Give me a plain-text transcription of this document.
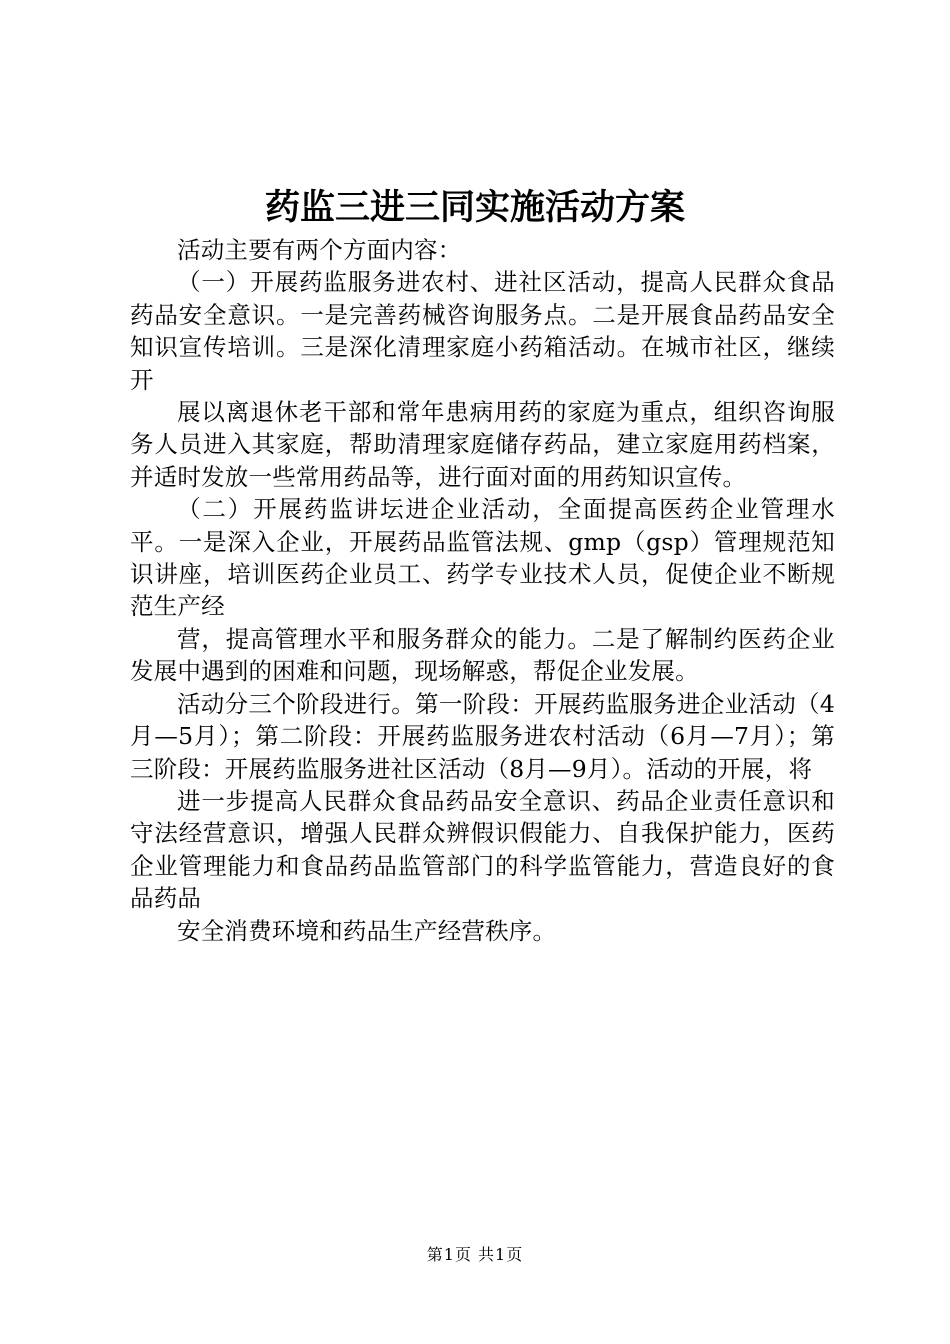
药监三进三同实施活动方案

活动主要有两个方面内容：

（一）开展药监服务进农村、进社区活动，提高人民群众食品药品安全意识。一是完善药械咨询服务点。二是开展食品药品安全知识宣传培训。三是深化清理家庭小药箱活动。在城市社区，继续开

展以离退休老干部和常年患病用药的家庭为重点，组织咨询服务人员进入其家庭，帮助清理家庭储存药品，建立家庭用药档案，并适时发放一些常用药品等，进行面对面的用药知识宣传。

（二）开展药监讲坛进企业活动，全面提高医药企业管理水平。一是深入企业，开展药品监管法规、gmp（gsp）管理规范知识讲座，培训医药企业员工、药学专业技术人员，促使企业不断规范生产经

营，提高管理水平和服务群众的能力。二是了解制约医药企业发展中遇到的困难和问题，现场解惑，帮促企业发展。

活动分三个阶段进行。第一阶段：开展药监服务进企业活动（4月—5月）；第二阶段：开展药监服务进农村活动（6月—7月）；第三阶段：开展药监服务进社区活动（8月—9月）。活动的开展，将

进一步提高人民群众食品药品安全意识、药品企业责任意识和守法经营意识，增强人民群众辨假识假能力、自我保护能力，医药企业管理能力和食品药品监管部门的科学监管能力，营造良好的食品药品

安全消费环境和药品生产经营秩序。

第1页 共1页
